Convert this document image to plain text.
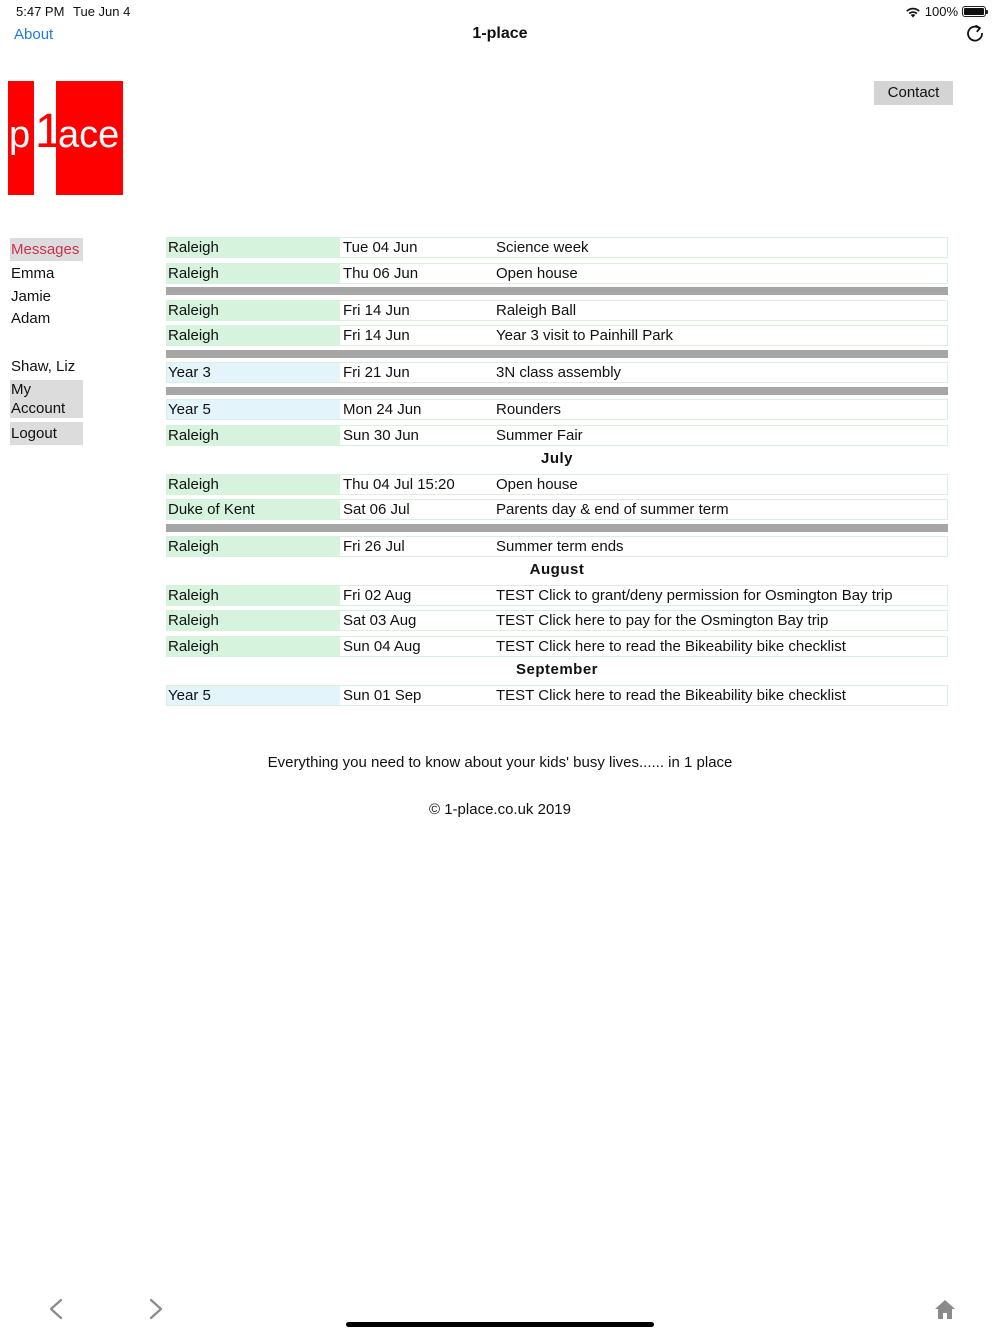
5:47 PM Tue Jun 4	100%
About	1-place
p 1
ace
Contact
Messages
Emma
Jamie
Adam
Shaw, Liz
My Account
Logout
Raleigh	Tue 04 Jun	Science week
Raleigh	Thu 06 Jun	Open house
Raleigh	Fri 14 Jun	Raleigh Ball
Raleigh	Fri 14 Jun	Year 3 visit to Painhill Park
Year 3	Fri 21 Jun	3N class assembly
Year 5	Mon 24 Jun	Rounders
Raleigh	Sun 30 Jun	Summer Fair
July
Raleigh	Thu 04 Jul 15:20	Open house
Duke of Kent	Sat 06 Jul	Parents day & end of summer term
Raleigh	Fri 26 Jul	Summer term ends
August
Raleigh	Fri 02 Aug	TEST Click to grant/deny permission for Osmington Bay trip
Raleigh	Sat 03 Aug	TEST Click here to pay for the Osmington Bay trip
Raleigh	Sun 04 Aug	TEST Click here to read the Bikeability bike checklist
September
Year 5	Sun 01 Sep	TEST Click here to read the Bikeability bike checklist
Everything you need to know about your kids' busy lives...... in 1 place
© 1-place.co.uk 2019
